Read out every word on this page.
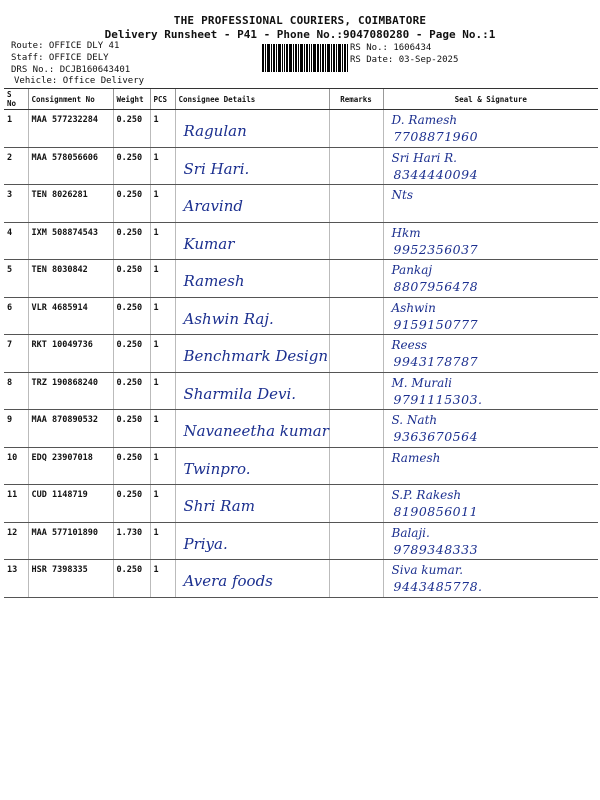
THE PROFESSIONAL COURIERS, COIMBATORE
Delivery Runsheet - P41 - Phone No.:9047080280 - Page No.:1
Route: OFFICE DLY 41
Staff: OFFICE DELY
DRS No.: DCJB160643401
Vehicle: Office Delivery
RS No.: 1606434
RS Date: 03-Sep-2025
S No	Consignment No	Weight	PCS	Consignee Details	Remarks	Seal & Signature
1	MAA 577232284	0.250	1	Ragulan		D. Ramesh
7708871960

2	MAA 578056606	0.250	1	Sri Hari.		Sri Hari R.
8344440094

3	TEN 8026281	0.250	1	Aravind		Nts

4	IXM 508874543	0.250	1	Kumar		Hkm
9952356037

5	TEN 8030842	0.250	1	Ramesh		Pankaj
8807956478

6	VLR 4685914	0.250	1	Ashwin Raj.		Ashwin
9159150777

7	RKT 10049736	0.250	1	Benchmark Design		Reess
9943178787

8	TRZ 190868240	0.250	1	Sharmila Devi.		M. Murali
9791115303.

9	MAA 870890532	0.250	1	Navaneetha kumar		S. Nath
9363670564

10	EDQ 23907018	0.250	1	Twinpro.		Ramesh

11	CUD 1148719	0.250	1	Shri Ram		S.P. Rakesh
8190856011

12	MAA 577101890	1.730	1	Priya.		Balaji.
9789348333

13	HSR 7398335	0.250	1	Avera foods		Siva kumar.
9443485778.
